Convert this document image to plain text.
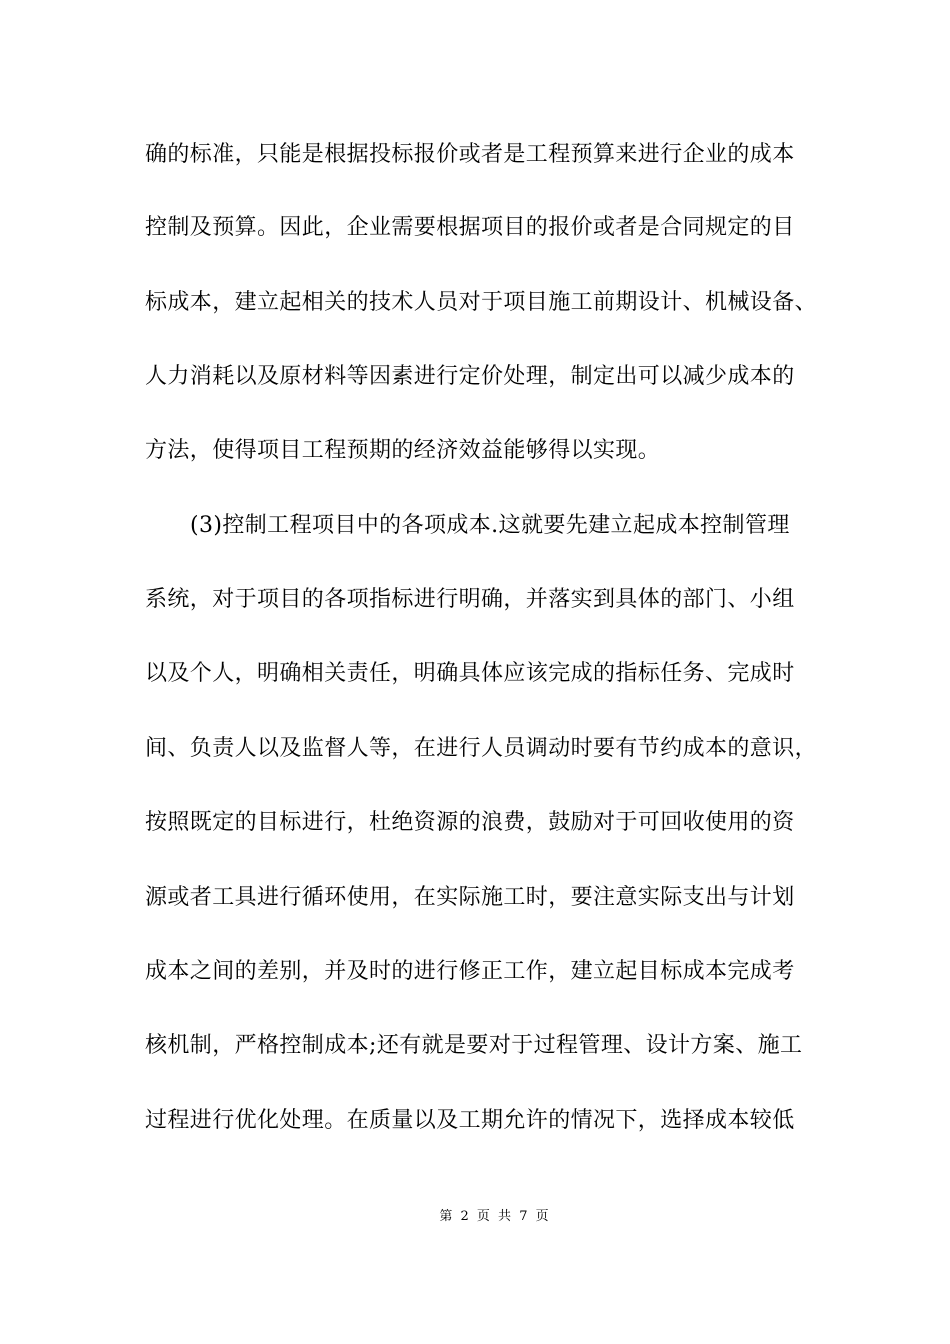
确的标准，只能是根据投标报价或者是工程预算来进行企业的成本
控制及预算。因此，企业需要根据项目的报价或者是合同规定的目
标成本，建立起相关的技术人员对于项目施工前期设计、机械设备、
人力消耗以及原材料等因素进行定价处理，制定出可以减少成本的
方法，使得项目工程预期的经济效益能够得以实现。
(3)控制工程项目中的各项成本.这就要先建立起成本控制管理
系统，对于项目的各项指标进行明确，并落实到具体的部门、小组
以及个人，明确相关责任，明确具体应该完成的指标任务、完成时
间、负责人以及监督人等，在进行人员调动时要有节约成本的意识，
按照既定的目标进行，杜绝资源的浪费，鼓励对于可回收使用的资
源或者工具进行循环使用，在实际施工时，要注意实际支出与计划
成本之间的差别，并及时的进行修正工作，建立起目标成本完成考
核机制，严格控制成本;还有就是要对于过程管理、设计方案、施工
过程进行优化处理。在质量以及工期允许的情况下，选择成本较低
第 2 页 共 7 页
